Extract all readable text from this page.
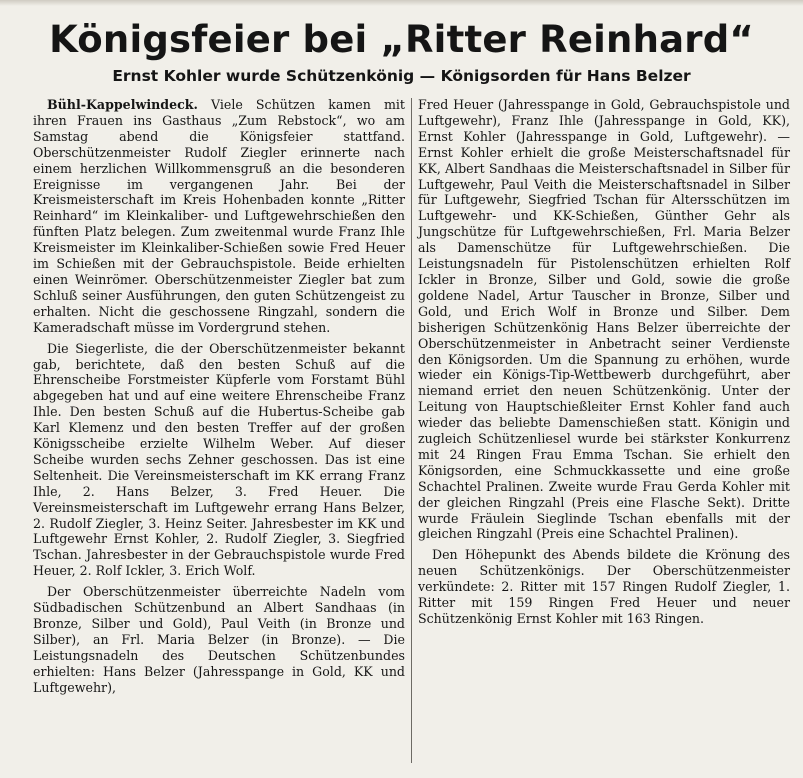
Königsfeier bei „Ritter Reinhard“
Ernst Kohler wurde Schützenkönig — Königsorden für Hans Belzer

Bühl-Kappelwindeck. Viele Schützen kamen mit ihren Frauen ins Gasthaus „Zum Rebstock“, wo am Samstag abend die Königsfeier stattfand. Oberschützenmeister Rudolf Ziegler erinnerte nach einem herzlichen Willkommensgruß an die besonderen Ereignisse im vergangenen Jahr. Bei der Kreismeisterschaft im Kreis Hohenbaden konnte „Ritter Reinhard“ im Kleinkaliber- und Luftgewehrschießen den fünften Platz belegen. Zum zweitenmal wurde Franz Ihle Kreismeister im Kleinkaliber-Schießen sowie Fred Heuer im Schießen mit der Gebrauchspistole. Beide erhielten einen Weinrömer. Oberschützenmeister Ziegler bat zum Schluß seiner Ausführungen, den guten Schützengeist zu erhalten. Nicht die geschossene Ringzahl, sondern die Kameradschaft müsse im Vordergrund stehen.

Die Siegerliste, die der Oberschützenmeister bekannt gab, berichtete, daß den besten Schuß auf die Ehrenscheibe Forstmeister Küpferle vom Forstamt Bühl abgegeben hat und auf eine weitere Ehrenscheibe Franz Ihle. Den besten Schuß auf die Hubertus-Scheibe gab Karl Klemenz und den besten Treffer auf der großen Königsscheibe erzielte Wilhelm Weber. Auf dieser Scheibe wurden sechs Zehner geschossen. Das ist eine Seltenheit. Die Vereinsmeisterschaft im KK errang Franz Ihle, 2. Hans Belzer, 3. Fred Heuer. Die Vereinsmeisterschaft im Luftgewehr errang Hans Belzer, 2. Rudolf Ziegler, 3. Heinz Seiter. Jahresbester im KK und Luftgewehr Ernst Kohler, 2. Rudolf Ziegler, 3. Siegfried Tschan. Jahresbester in der Gebrauchspistole wurde Fred Heuer, 2. Rolf Ickler, 3. Erich Wolf.

Der Oberschützenmeister überreichte Nadeln vom Südbadischen Schützenbund an Albert Sandhaas (in Bronze, Silber und Gold), Paul Veith (in Bronze und Silber), an Frl. Maria Belzer (in Bronze). — Die Leistungsnadeln des Deutschen Schützenbundes erhielten: Hans Belzer (Jahresspange in Gold, KK und Luftgewehr),

Fred Heuer (Jahresspange in Gold, Gebrauchspistole und Luftgewehr), Franz Ihle (Jahresspange in Gold, KK), Ernst Kohler (Jahresspange in Gold, Luftgewehr). — Ernst Kohler erhielt die große Meisterschaftsnadel für KK, Albert Sandhaas die Meisterschaftsnadel in Silber für Luftgewehr, Paul Veith die Meisterschaftsnadel in Silber für Luftgewehr, Siegfried Tschan für Altersschützen im Luftgewehr- und KK-Schießen, Günther Gehr als Jungschütze für Luftgewehrschießen, Frl. Maria Belzer als Damenschütze für Luftgewehrschießen. Die Leistungsnadeln für Pistolenschützen erhielten Rolf Ickler in Bronze, Silber und Gold, sowie die große goldene Nadel, Artur Tauscher in Bronze, Silber und Gold, und Erich Wolf in Bronze und Silber. Dem bisherigen Schützenkönig Hans Belzer überreichte der Oberschützenmeister in Anbetracht seiner Verdienste den Königsorden. Um die Spannung zu erhöhen, wurde wieder ein Königs-Tip-Wettbewerb durchgeführt, aber niemand erriet den neuen Schützenkönig. Unter der Leitung von Hauptschießleiter Ernst Kohler fand auch wieder das beliebte Damenschießen statt. Königin und zugleich Schützenliesel wurde bei stärkster Konkurrenz mit 24 Ringen Frau Emma Tschan. Sie erhielt den Königsorden, eine Schmuckkassette und eine große Schachtel Pralinen. Zweite wurde Frau Gerda Kohler mit der gleichen Ringzahl (Preis eine Flasche Sekt). Dritte wurde Fräulein Sieglinde Tschan ebenfalls mit der gleichen Ringzahl (Preis eine Schachtel Pralinen).

Den Höhepunkt des Abends bildete die Krönung des neuen Schützenkönigs. Der Oberschützenmeister verkündete: 2. Ritter mit 157 Ringen Rudolf Ziegler, 1. Ritter mit 159 Ringen Fred Heuer und neuer Schützenkönig Ernst Kohler mit 163 Ringen.
